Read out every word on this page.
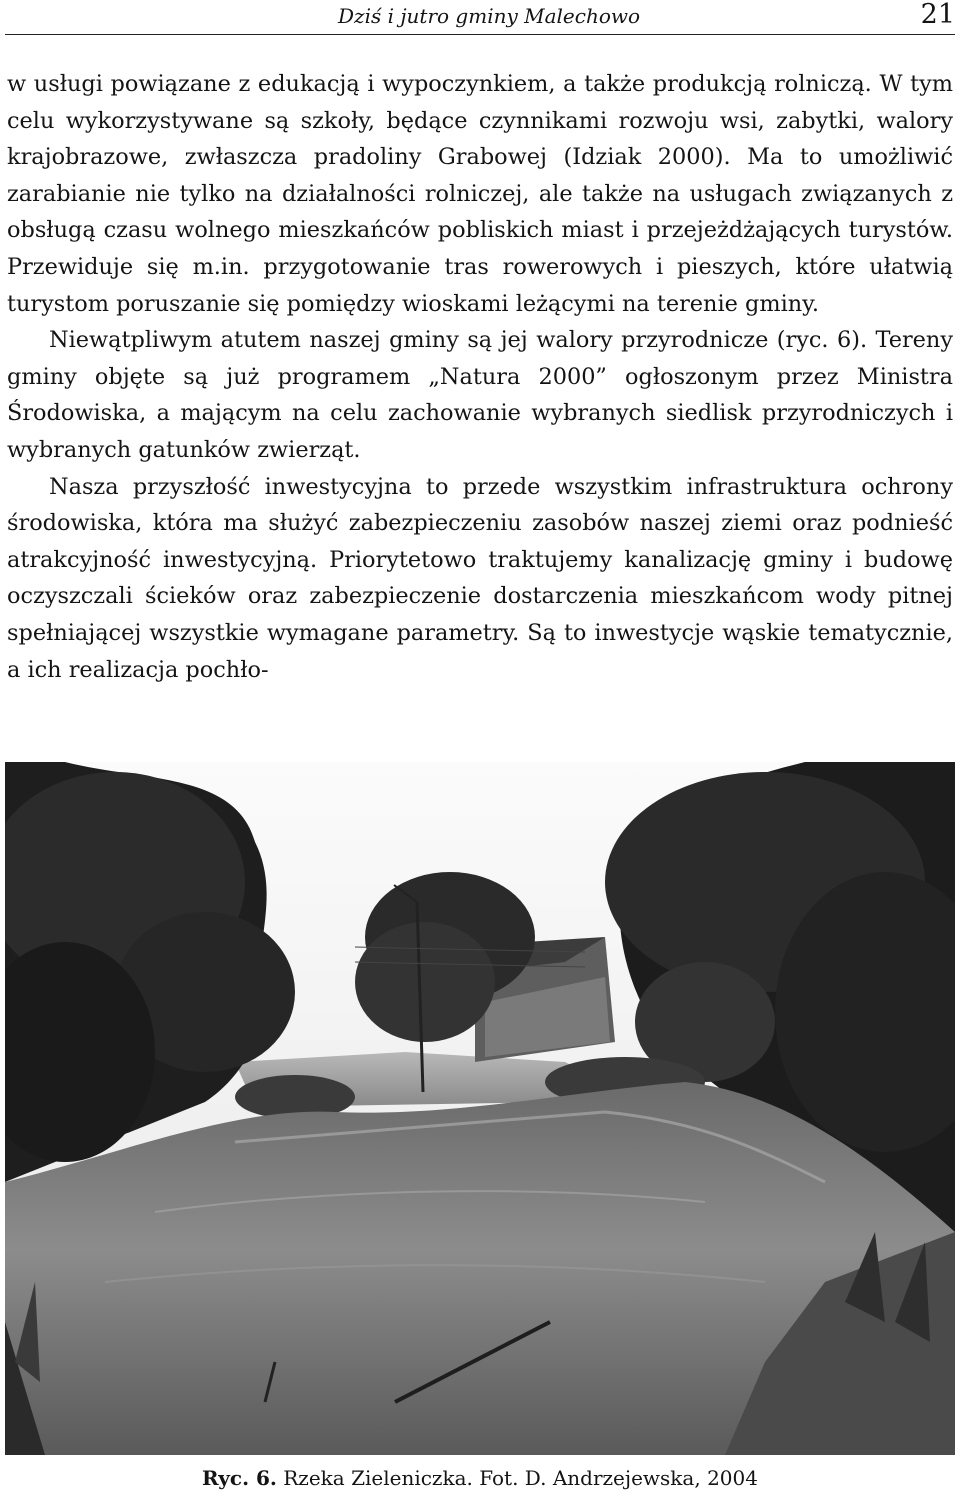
Dziś i jutro gminy Malechowo	21

w usługi powiązane z edukacją i wypoczynkiem, a także produkcją rolniczą. W tym celu wykorzystywane są szkoły, będące czynnikami rozwoju wsi, zabytki, walory krajobrazowe, zwłaszcza pradoliny Grabowej (Idziak 2000). Ma to umożliwić zarabianie nie tylko na działalności rolniczej, ale także na usługach związanych z obsługą czasu wolnego mieszkańców pobliskich miast i przejeżdżających turystów. Przewiduje się m.in. przygotowanie tras rowerowych i pieszych, które ułatwią turystom poruszanie się pomiędzy wioskami leżącymi na terenie gminy.

Niewątpliwym atutem naszej gminy są jej walory przyrodnicze (ryc. 6). Tereny gminy objęte są już programem „Natura 2000” ogłoszonym przez Ministra Środowiska, a mającym na celu zachowanie wybranych siedlisk przyrodniczych i wybranych gatunków zwierząt.

Nasza przyszłość inwestycyjna to przede wszystkim infrastruktura ochrony środowiska, która ma służyć zabezpieczeniu zasobów naszej ziemi oraz podnieść atrakcyjność inwestycyjną. Priorytetowo traktujemy kanalizację gminy i budowę oczyszczali ścieków oraz zabezpieczenie dostarczenia mieszkańcom wody pitnej spełniającej wszystkie wymagane parametry. Są to inwestycje wąskie tematycznie, a ich realizacja pochło-

Ryc. 6. Rzeka Zieleniczka. Fot. D. Andrzejewska, 2004
